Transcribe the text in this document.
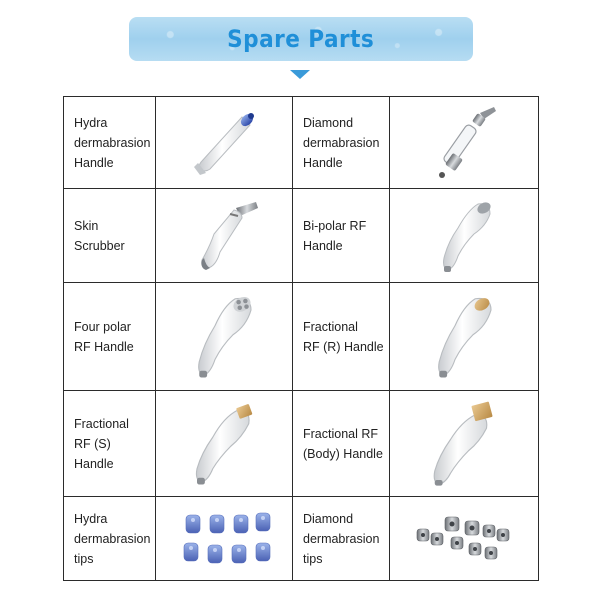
Spare Parts
Hydra
dermabrasion
Handle		Diamond
dermabrasion
Handle

Skin
Scrubber		Bi-polar RF
Handle

Four polar
RF Handle		Fractional
RF (R) Handle

Fractional
RF (S) Handle		Fractional RF
(Body) Handle

Hydra
dermabrasion
tips		Diamond
dermabrasion
tips
